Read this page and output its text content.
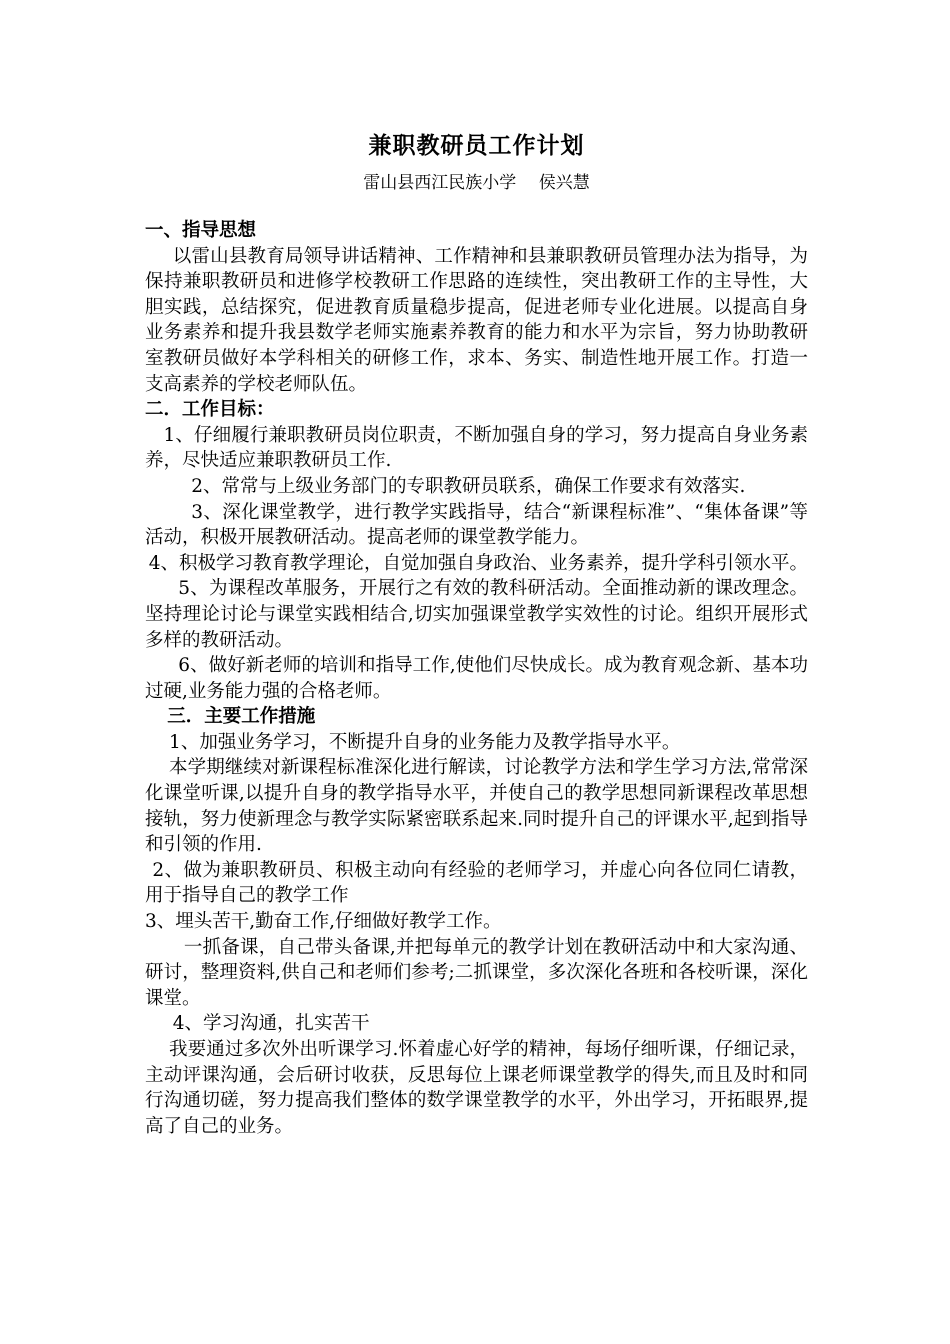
兼职教研员工作计划
雷山县西江民族小学　 侯兴慧

一、指导思想

以雷山县教育局领导讲话精神、工作精神和县兼职教研员管理办法为指导，为保持兼职教研员和进修学校教研工作思路的连续性，突出教研工作的主导性，大胆实践，总结探究，促进教育质量稳步提高，促进老师专业化进展。以提高自身业务素养和提升我县数学老师实施素养教育的能力和水平为宗旨，努力协助教研室教研员做好本学科相关的研修工作，求本、务实、制造性地开展工作。打造一支高素养的学校老师队伍。

二．工作目标：

1、仔细履行兼职教研员岗位职责，不断加强自身的学习，努力提高自身业务素养，尽快适应兼职教研员工作.

2、常常与上级业务部门的专职教研员联系，确保工作要求有效落实.

3、深化课堂教学，进行教学实践指导，结合“新课程标准”、“集体备课”等活动，积极开展教研活动。提高老师的课堂教学能力。

4、积极学习教育教学理论，自觉加强自身政治、业务素养，提升学科引领水平。

5、为课程改革服务，开展行之有效的教科研活动。全面推动新的课改理念。坚持理论讨论与课堂实践相结合,切实加强课堂教学实效性的讨论。组织开展形式多样的教研活动。

6、做好新老师的培训和指导工作,使他们尽快成长。成为教育观念新、基本功过硬,业务能力强的合格老师。

三．主要工作措施

1、加强业务学习，不断提升自身的业务能力及教学指导水平。

本学期继续对新课程标准深化进行解读，讨论教学方法和学生学习方法,常常深化课堂听课,以提升自身的教学指导水平，并使自己的教学思想同新课程改革思想接轨，努力使新理念与教学实际紧密联系起来.同时提升自己的评课水平,起到指导和引领的作用.

2、做为兼职教研员、积极主动向有经验的老师学习，并虚心向各位同仁请教，用于指导自己的教学工作

3、埋头苦干,勤奋工作,仔细做好教学工作。

一抓备课，自己带头备课,并把每单元的教学计划在教研活动中和大家沟通、研讨，整理资料,供自己和老师们参考;二抓课堂，多次深化各班和各校听课，深化课堂。

4、学习沟通，扎实苦干

我要通过多次外出听课学习.怀着虚心好学的精神，每场仔细听课，仔细记录，主动评课沟通，会后研讨收获，反思每位上课老师课堂教学的得失,而且及时和同行沟通切磋，努力提高我们整体的数学课堂教学的水平，外出学习，开拓眼界,提高了自己的业务。
